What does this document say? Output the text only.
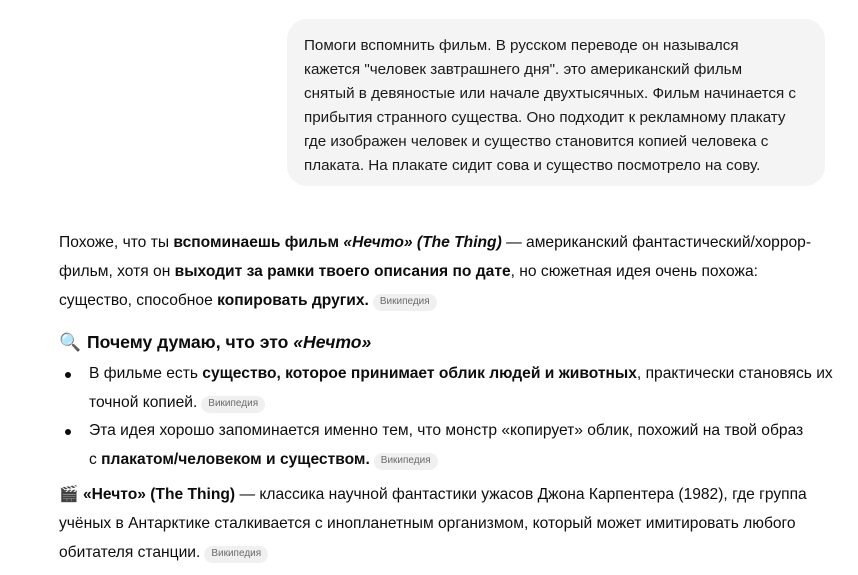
Помоги вспомнить фильм. В русском переводе он назывался
кажется "человек завтрашнего дня". это американский фильм
снятый в девяностые или начале двухтысячных. Фильм начинается с
прибытия странного существа. Оно подходит к рекламному плакату
где изображен человек и существо становится копией человека с
плаката. На плакате сидит сова и существо посмотрело на сову.
Похоже, что ты вспоминаешь фильм «Нечто» (The Thing) — американский фантастический/хоррор-
фильм, хотя он выходит за рамки твоего описания по дате, но сюжетная идея очень похожа:
существо, способное копировать других. Википедия
🔍 Почему думаю, что это «Нечто»
В фильме есть существо, которое принимает облик людей и животных, практически становясь их
точной копией. Википедия
Эта идея хорошо запоминается именно тем, что монстр «копирует» облик, похожий на твой образ
с плакатом/человеком и существом. Википедия
🎬 «Нечто» (The Thing) — классика научной фантастики ужасов Джона Карпентера (1982), где группа
учёных в Антарктике сталкивается с инопланетным организмом, который может имитировать любого
обитателя станции. Википедия
